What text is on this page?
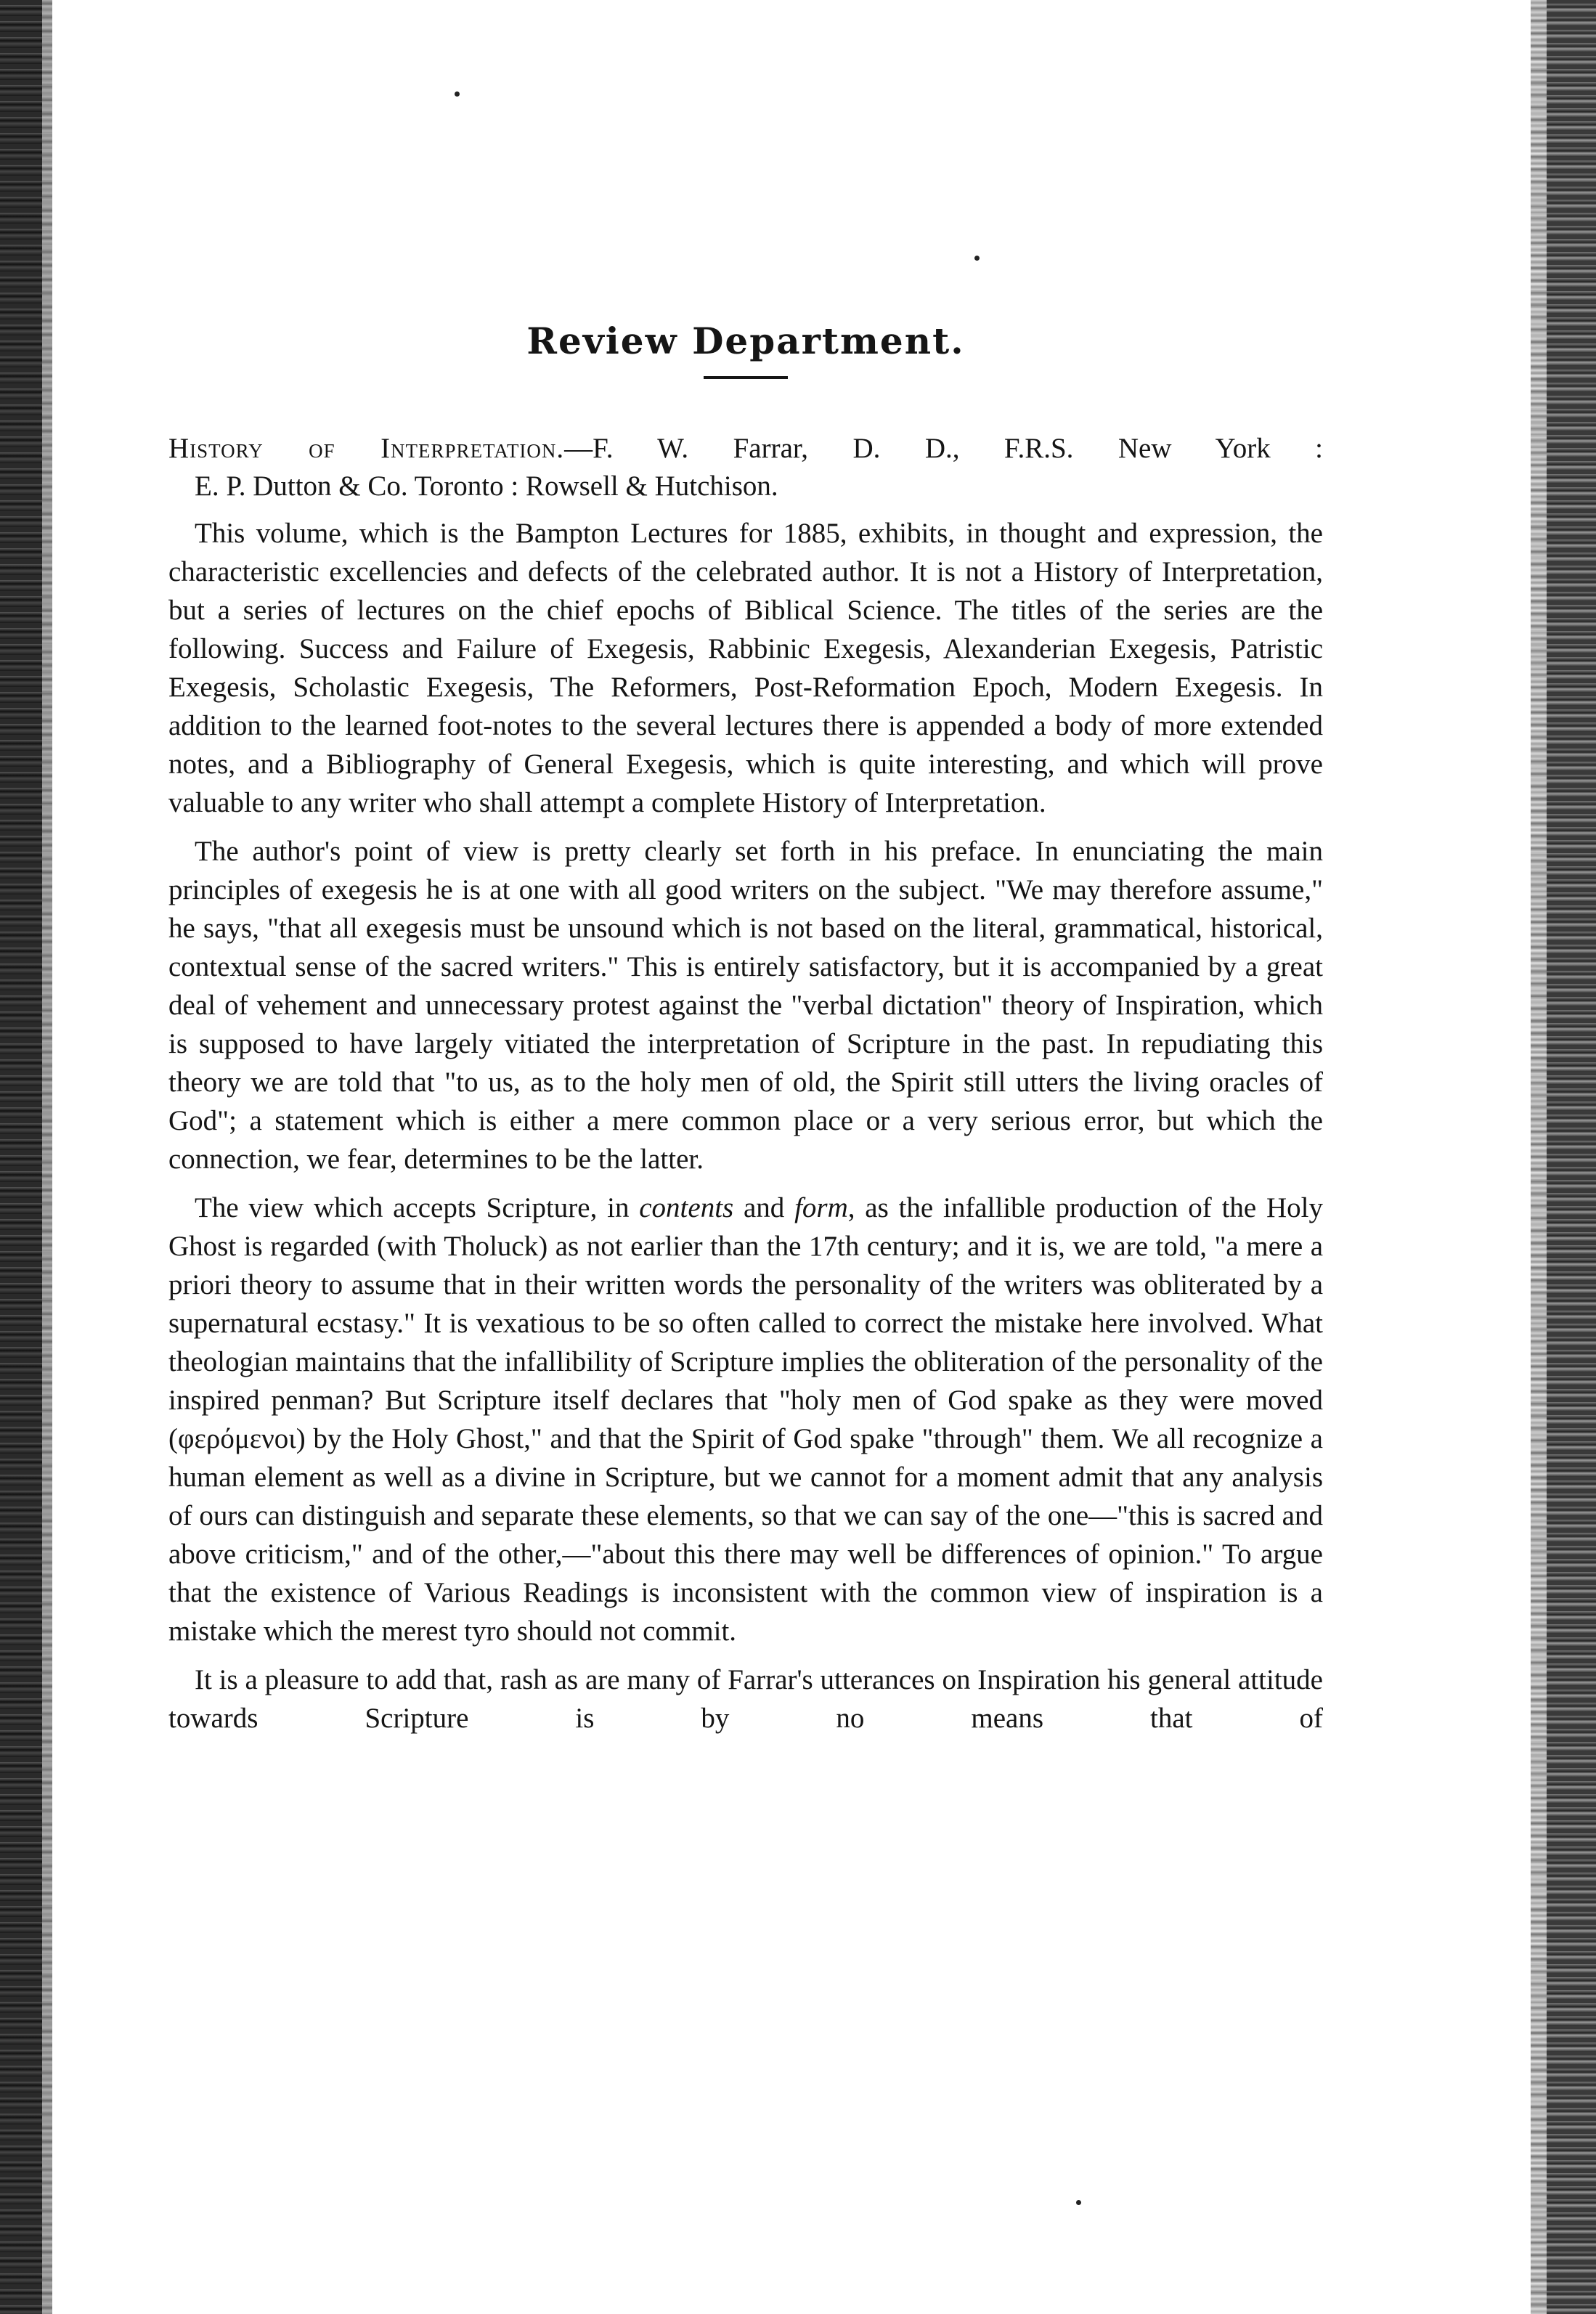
Review Department.

History of Interpretation.—F. W. Farrar, D. D., F.R.S. New York :

E. P. Dutton & Co. Toronto : Rowsell & Hutchison.

This volume, which is the Bampton Lectures for 1885, exhibits, in thought and expression, the characteristic excellencies and defects of the celebrated author. It is not a History of Interpretation, but a series of lectures on the chief epochs of Biblical Science. The titles of the series are the following. Success and Failure of Exegesis, Rabbinic Exegesis, Alexanderian Exegesis, Patristic Exegesis, Scholastic Exegesis, The Reformers, Post-Reformation Epoch, Modern Exegesis. In addition to the learned foot-notes to the several lectures there is appended a body of more extended notes, and a Bibliography of General Exegesis, which is quite interesting, and which will prove valuable to any writer who shall attempt a complete History of Interpretation.

The author's point of view is pretty clearly set forth in his preface. In enunciating the main principles of exegesis he is at one with all good writers on the subject. "We may therefore assume," he says, "that all exegesis must be unsound which is not based on the literal, grammatical, historical, contextual sense of the sacred writers." This is entirely satisfactory, but it is accompanied by a great deal of vehement and unnecessary protest against the "verbal dictation" theory of Inspiration, which is supposed to have largely vitiated the interpretation of Scripture in the past. In repudiating this theory we are told that "to us, as to the holy men of old, the Spirit still utters the living oracles of God"; a statement which is either a mere common place or a very serious error, but which the connection, we fear, determines to be the latter.

The view which accepts Scripture, in contents and form, as the infallible production of the Holy Ghost is regarded (with Tholuck) as not earlier than the 17th century; and it is, we are told, "a mere a priori theory to assume that in their written words the personality of the writers was obliterated by a supernatural ecstasy." It is vexatious to be so often called to correct the mistake here involved. What theologian maintains that the infallibility of Scripture implies the obliteration of the personality of the inspired penman? But Scripture itself declares that "holy men of God spake as they were moved (φερόμενοι) by the Holy Ghost," and that the Spirit of God spake "through" them. We all recognize a human element as well as a divine in Scripture, but we cannot for a moment admit that any analysis of ours can distinguish and separate these elements, so that we can say of the one—"this is sacred and above criticism," and of the other,—"about this there may well be differences of opinion." To argue that the existence of Various Readings is inconsistent with the common view of inspiration is a mistake which the merest tyro should not commit.

It is a pleasure to add that, rash as are many of Farrar's utterances on Inspiration his general attitude towards Scripture is by no means that of
